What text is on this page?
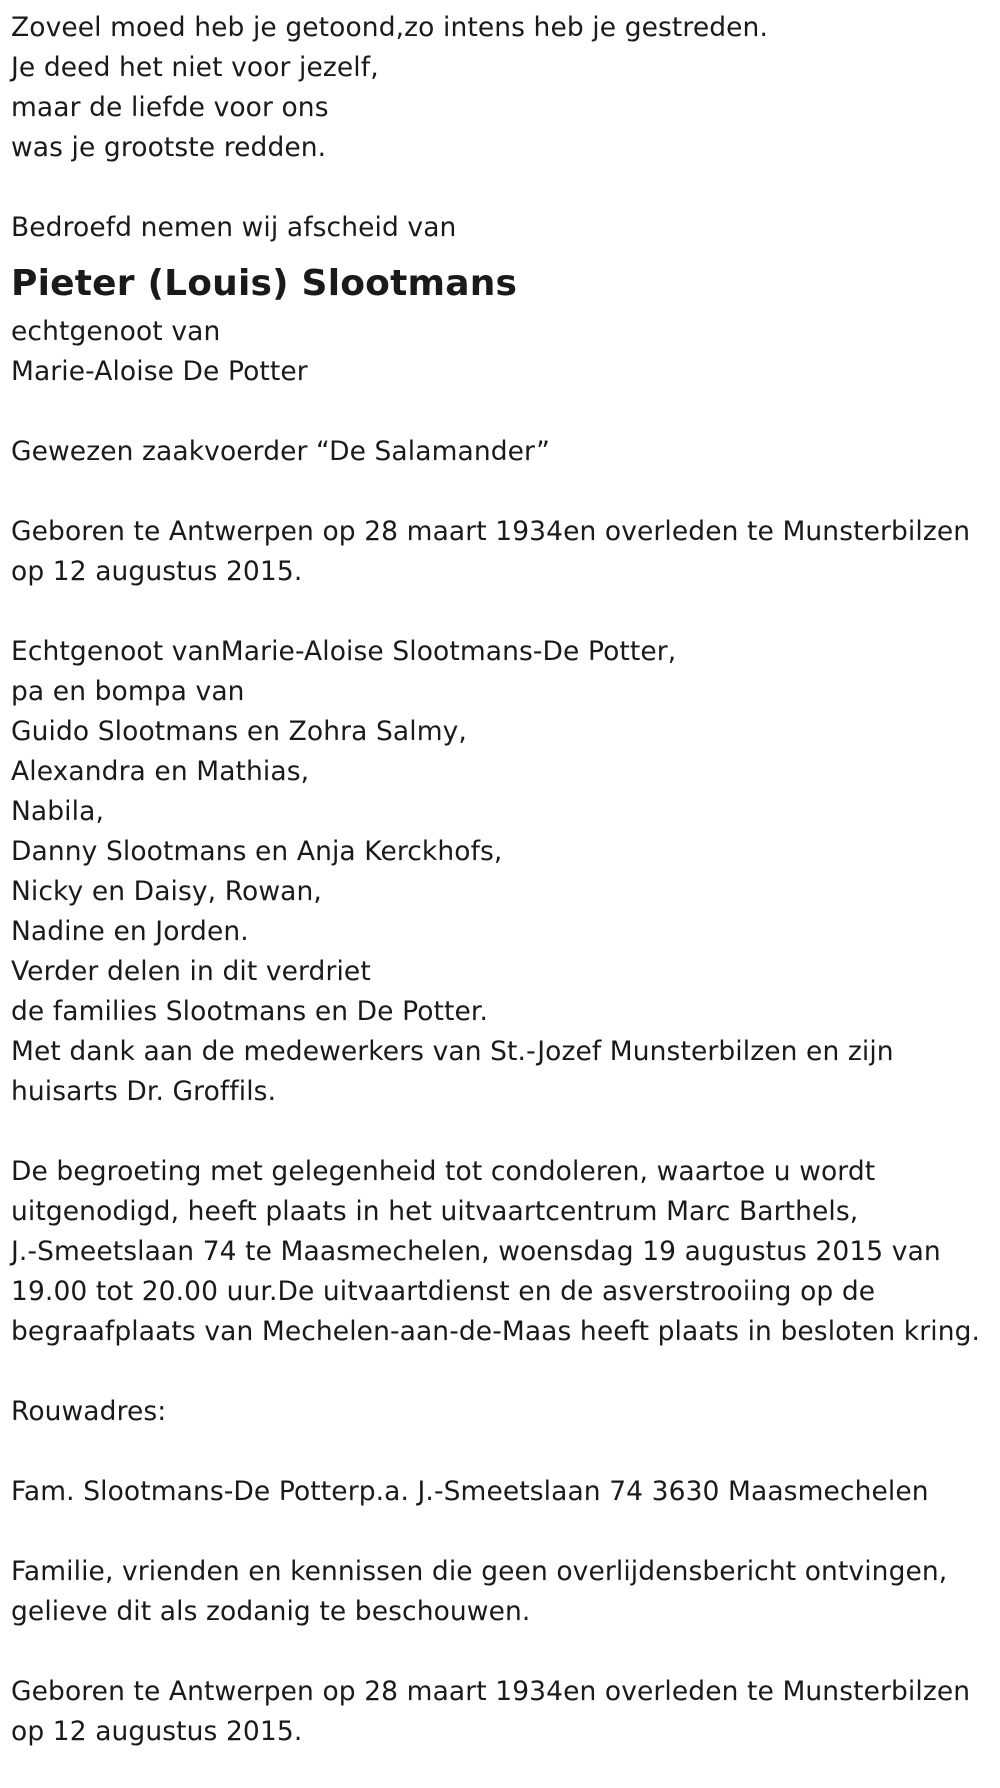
Zoveel moed heb je getoond,zo intens heb je gestreden.
Je deed het niet voor jezelf,
maar de liefde voor ons
was je grootste redden.
Bedroefd nemen wij afscheid van
Pieter (Louis) Slootmans
echtgenoot van
Marie-Aloise De Potter
Gewezen zaakvoerder “De Salamander”
Geboren te Antwerpen op 28 maart 1934en overleden te Munsterbilzen
op 12 augustus 2015.
Echtgenoot vanMarie-Aloise Slootmans-De Potter,
pa en bompa van
Guido Slootmans en Zohra Salmy,
Alexandra en Mathias,
Nabila,
Danny Slootmans en Anja Kerckhofs,
Nicky en Daisy, Rowan,
Nadine en Jorden.
Verder delen in dit verdriet
de families Slootmans en De Potter.
Met dank aan de medewerkers van St.-Jozef Munsterbilzen en zijn
huisarts Dr. Groffils.
De begroeting met gelegenheid tot condoleren, waartoe u wordt
uitgenodigd, heeft plaats in het uitvaartcentrum Marc Barthels,
J.-Smeetslaan 74 te Maasmechelen, woensdag 19 augustus 2015 van
19.00 tot 20.00 uur.De uitvaartdienst en de asverstrooiing op de
begraafplaats van Mechelen-aan-de-Maas heeft plaats in besloten kring.
Rouwadres:
Fam. Slootmans-De Potterp.a. J.-Smeetslaan 74 3630 Maasmechelen
Familie, vrienden en kennissen die geen overlijdensbericht ontvingen,
gelieve dit als zodanig te beschouwen.
Geboren te Antwerpen op 28 maart 1934en overleden te Munsterbilzen
op 12 augustus 2015.
